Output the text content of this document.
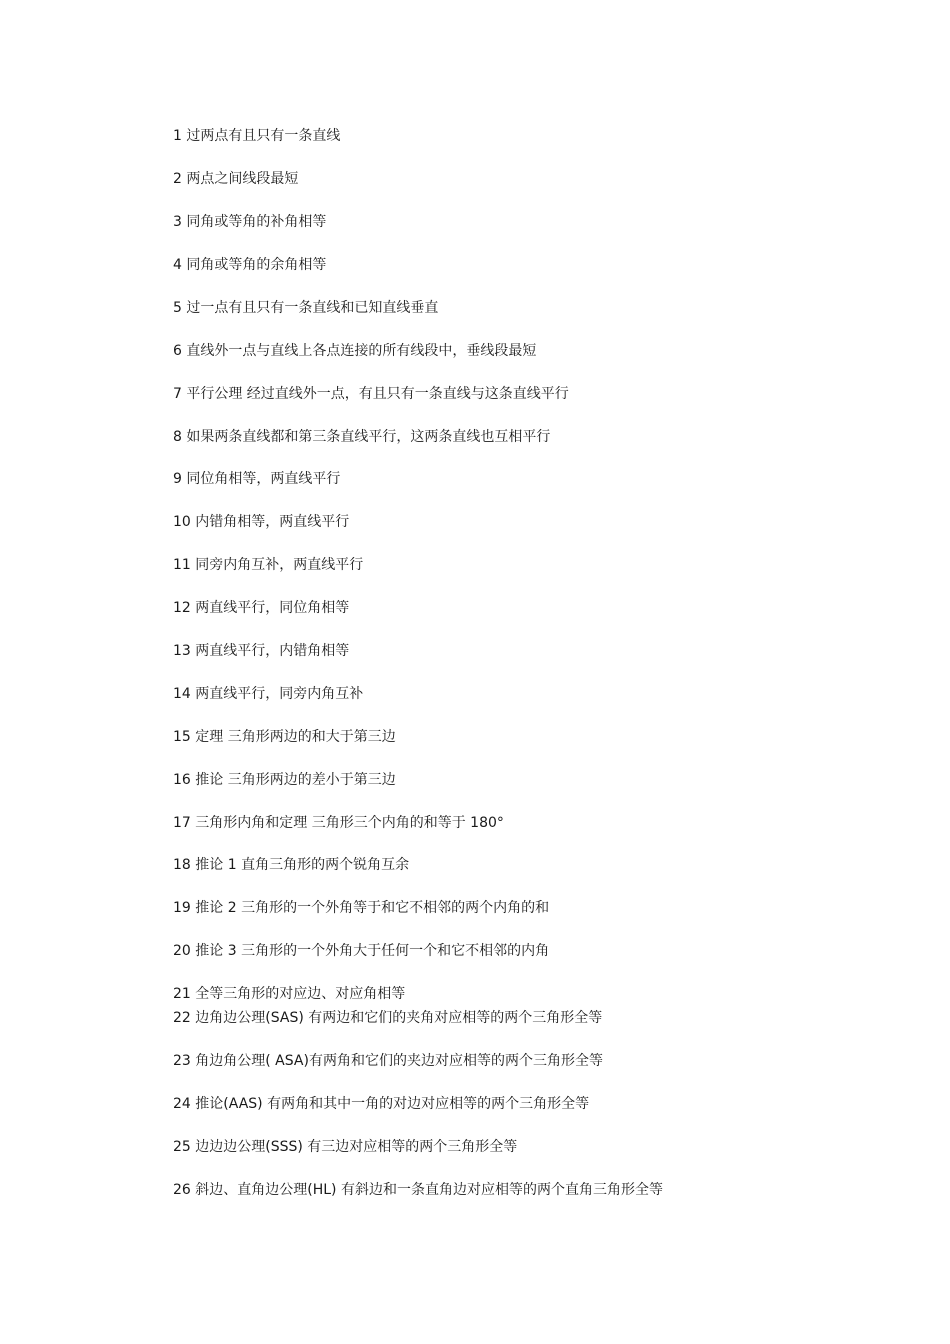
1 过两点有且只有一条直线
2 两点之间线段最短
3 同角或等角的补角相等
4 同角或等角的余角相等
5 过一点有且只有一条直线和已知直线垂直
6 直线外一点与直线上各点连接的所有线段中，垂线段最短
7 平行公理 经过直线外一点，有且只有一条直线与这条直线平行
8 如果两条直线都和第三条直线平行，这两条直线也互相平行
9 同位角相等，两直线平行
10 内错角相等，两直线平行
11 同旁内角互补，两直线平行
12 两直线平行，同位角相等
13 两直线平行，内错角相等
14 两直线平行，同旁内角互补
15 定理 三角形两边的和大于第三边
16 推论 三角形两边的差小于第三边
17 三角形内角和定理 三角形三个内角的和等于 180°
18 推论 1 直角三角形的两个锐角互余
19 推论 2 三角形的一个外角等于和它不相邻的两个内角的和
20 推论 3 三角形的一个外角大于任何一个和它不相邻的内角
21 全等三角形的对应边、对应角相等
22 边角边公理(SAS) 有两边和它们的夹角对应相等的两个三角形全等
23 角边角公理( ASA)有两角和它们的夹边对应相等的两个三角形全等
24 推论(AAS) 有两角和其中一角的对边对应相等的两个三角形全等
25 边边边公理(SSS) 有三边对应相等的两个三角形全等
26 斜边、直角边公理(HL) 有斜边和一条直角边对应相等的两个直角三角形全等
